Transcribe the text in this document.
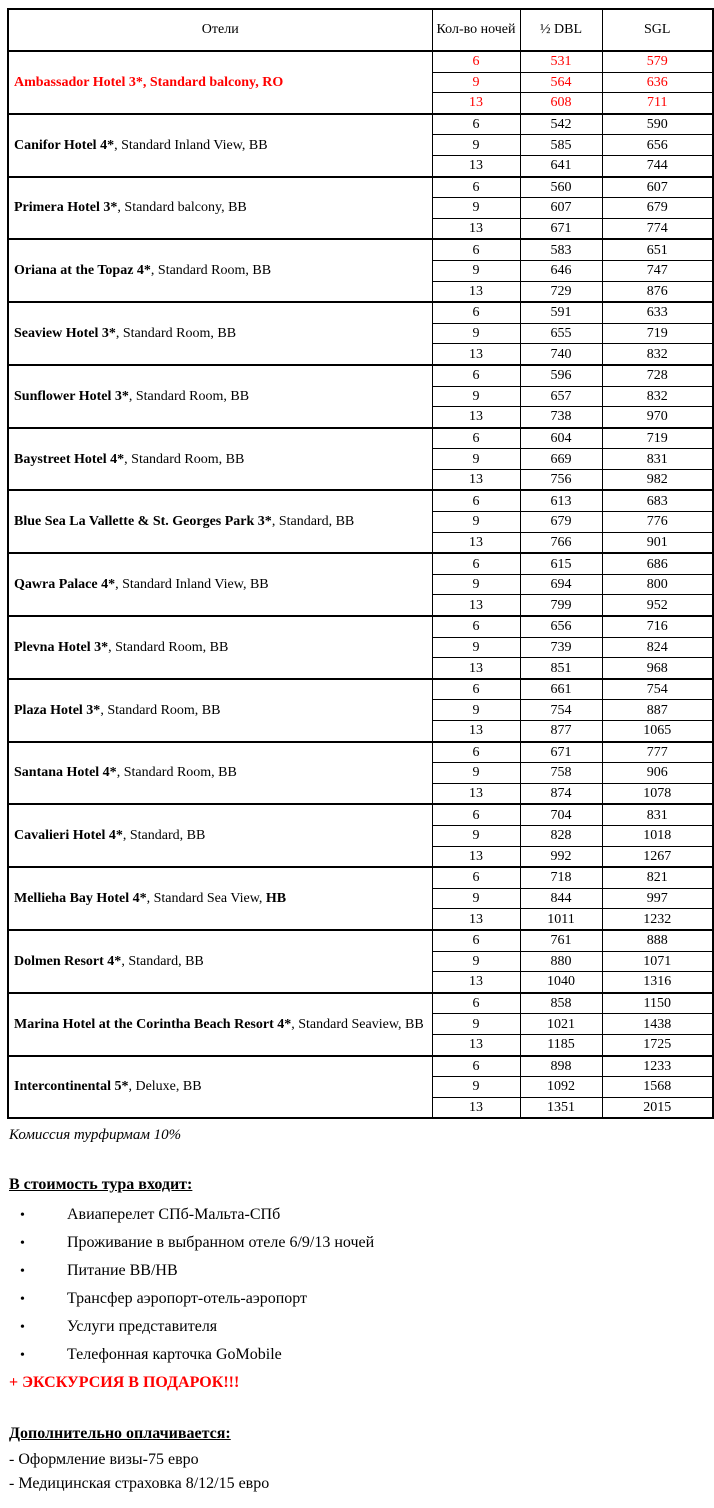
Отели	Кол-во ночей	½ DBL	SGL
Ambassador Hotel 3*, Standard balcony, RO	6	531	579
	9	564	636
	13	608	711
Canifor Hotel 4*, Standard Inland View, BB	6	542	590
	9	585	656
	13	641	744
Primera Hotel 3*, Standard balcony, BB	6	560	607
	9	607	679
	13	671	774
Oriana at the Topaz 4*, Standard Room, BB	6	583	651
	9	646	747
	13	729	876
Seaview Hotel 3*, Standard Room, BB	6	591	633
	9	655	719
	13	740	832
Sunflower Hotel 3*, Standard Room, BB	6	596	728
	9	657	832
	13	738	970
Baystreet Hotel 4*, Standard Room, BB	6	604	719
	9	669	831
	13	756	982
Blue Sea La Vallette & St. Georges Park 3*, Standard, BB	6	613	683
	9	679	776
	13	766	901
Qawra Palace 4*, Standard Inland View, BB	6	615	686
	9	694	800
	13	799	952
Plevna Hotel 3*, Standard Room, BB	6	656	716
	9	739	824
	13	851	968
Plaza Hotel 3*, Standard Room, BB	6	661	754
	9	754	887
	13	877	1065
Santana Hotel 4*, Standard Room, BB	6	671	777
	9	758	906
	13	874	1078
Cavalieri Hotel 4*, Standard, BB	6	704	831
	9	828	1018
	13	992	1267
Mellieha Bay Hotel 4*, Standard Sea View, HB	6	718	821
	9	844	997
	13	1011	1232
Dolmen Resort 4*, Standard, BB	6	761	888
	9	880	1071
	13	1040	1316
Marina Hotel at the Corintha Beach Resort 4*, Standard Seaview, BB	6	858	1150
	9	1021	1438
	13	1185	1725
Intercontinental 5*, Deluxe, BB	6	898	1233
	9	1092	1568
	13	1351	2015

Комиссия турфирмам 10%

В стоимость тура входит:
•	Авиаперелет СПб-Мальта-СПб
•	Проживание в выбранном отеле 6/9/13 ночей
•	Питание BB/HB
•	Трансфер аэропорт-отель-аэропорт
•	Услуги представителя
•	Телефонная карточка GoMobile

+ ЭКСКУРСИЯ В ПОДАРОК!!!

Дополнительно оплачивается:

- Оформление визы-75 евро

- Медицинская страховка 8/12/15 евро
